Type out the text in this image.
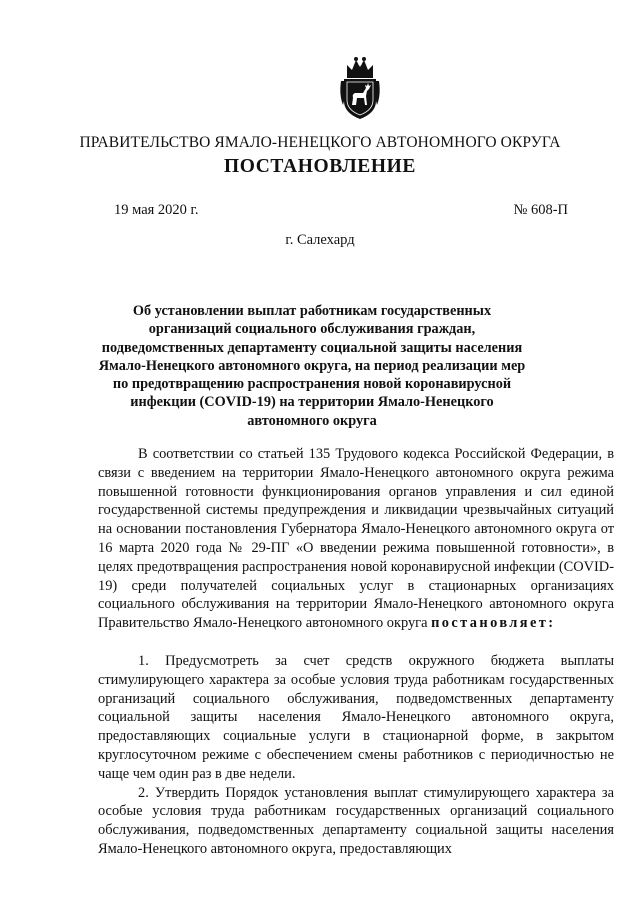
ПРАВИТЕЛЬСТВО ЯМАЛО-НЕНЕЦКОГО АВТОНОМНОГО ОКРУГА
ПОСТАНОВЛЕНИЕ
19 мая 2020 г.	№ 608-П
г. Салехард
Об установлении выплат работникам государственных организаций социального обслуживания граждан, подведомственных департаменту социальной защиты населения Ямало-Ненецкого автономного округа, на период реализации мер по предотвращению распространения новой коронавирусной инфекции (COVID-19) на территории Ямало-Ненецкого автономного округа

В соответствии со статьей 135 Трудового кодекса Российской Федерации, в связи с введением на территории Ямало-Ненецкого автономного округа режима повышенной готовности функционирования органов управления и сил единой государственной системы предупреждения и ликвидации чрезвычайных ситуаций на основании постановления Губернатора Ямало-Ненецкого автономного округа от 16 марта 2020 года № 29-ПГ «О введении режима повышенной готовности», в целях предотвращения распространения новой коронавирусной инфекции (COVID-19) среди получателей социальных услуг в стационарных организациях социального обслуживания на территории Ямало-Ненецкого автономного округа Правительство Ямало-Ненецкого автономного округа постановляет:

1. Предусмотреть за счет средств окружного бюджета выплаты стимулирующего характера за особые условия труда работникам государственных организаций социального обслуживания, подведомственных департаменту социальной защиты населения Ямало-Ненецкого автономного округа, предоставляющих социальные услуги в стационарной форме, в закрытом круглосуточном режиме с обеспечением смены работников с периодичностью не чаще чем один раз в две недели.

2. Утвердить Порядок установления выплат стимулирующего характера за особые условия труда работникам государственных организаций социального обслуживания, подведомственных департаменту социальной защиты населения Ямало-Ненецкого автономного округа, предоставляющих
